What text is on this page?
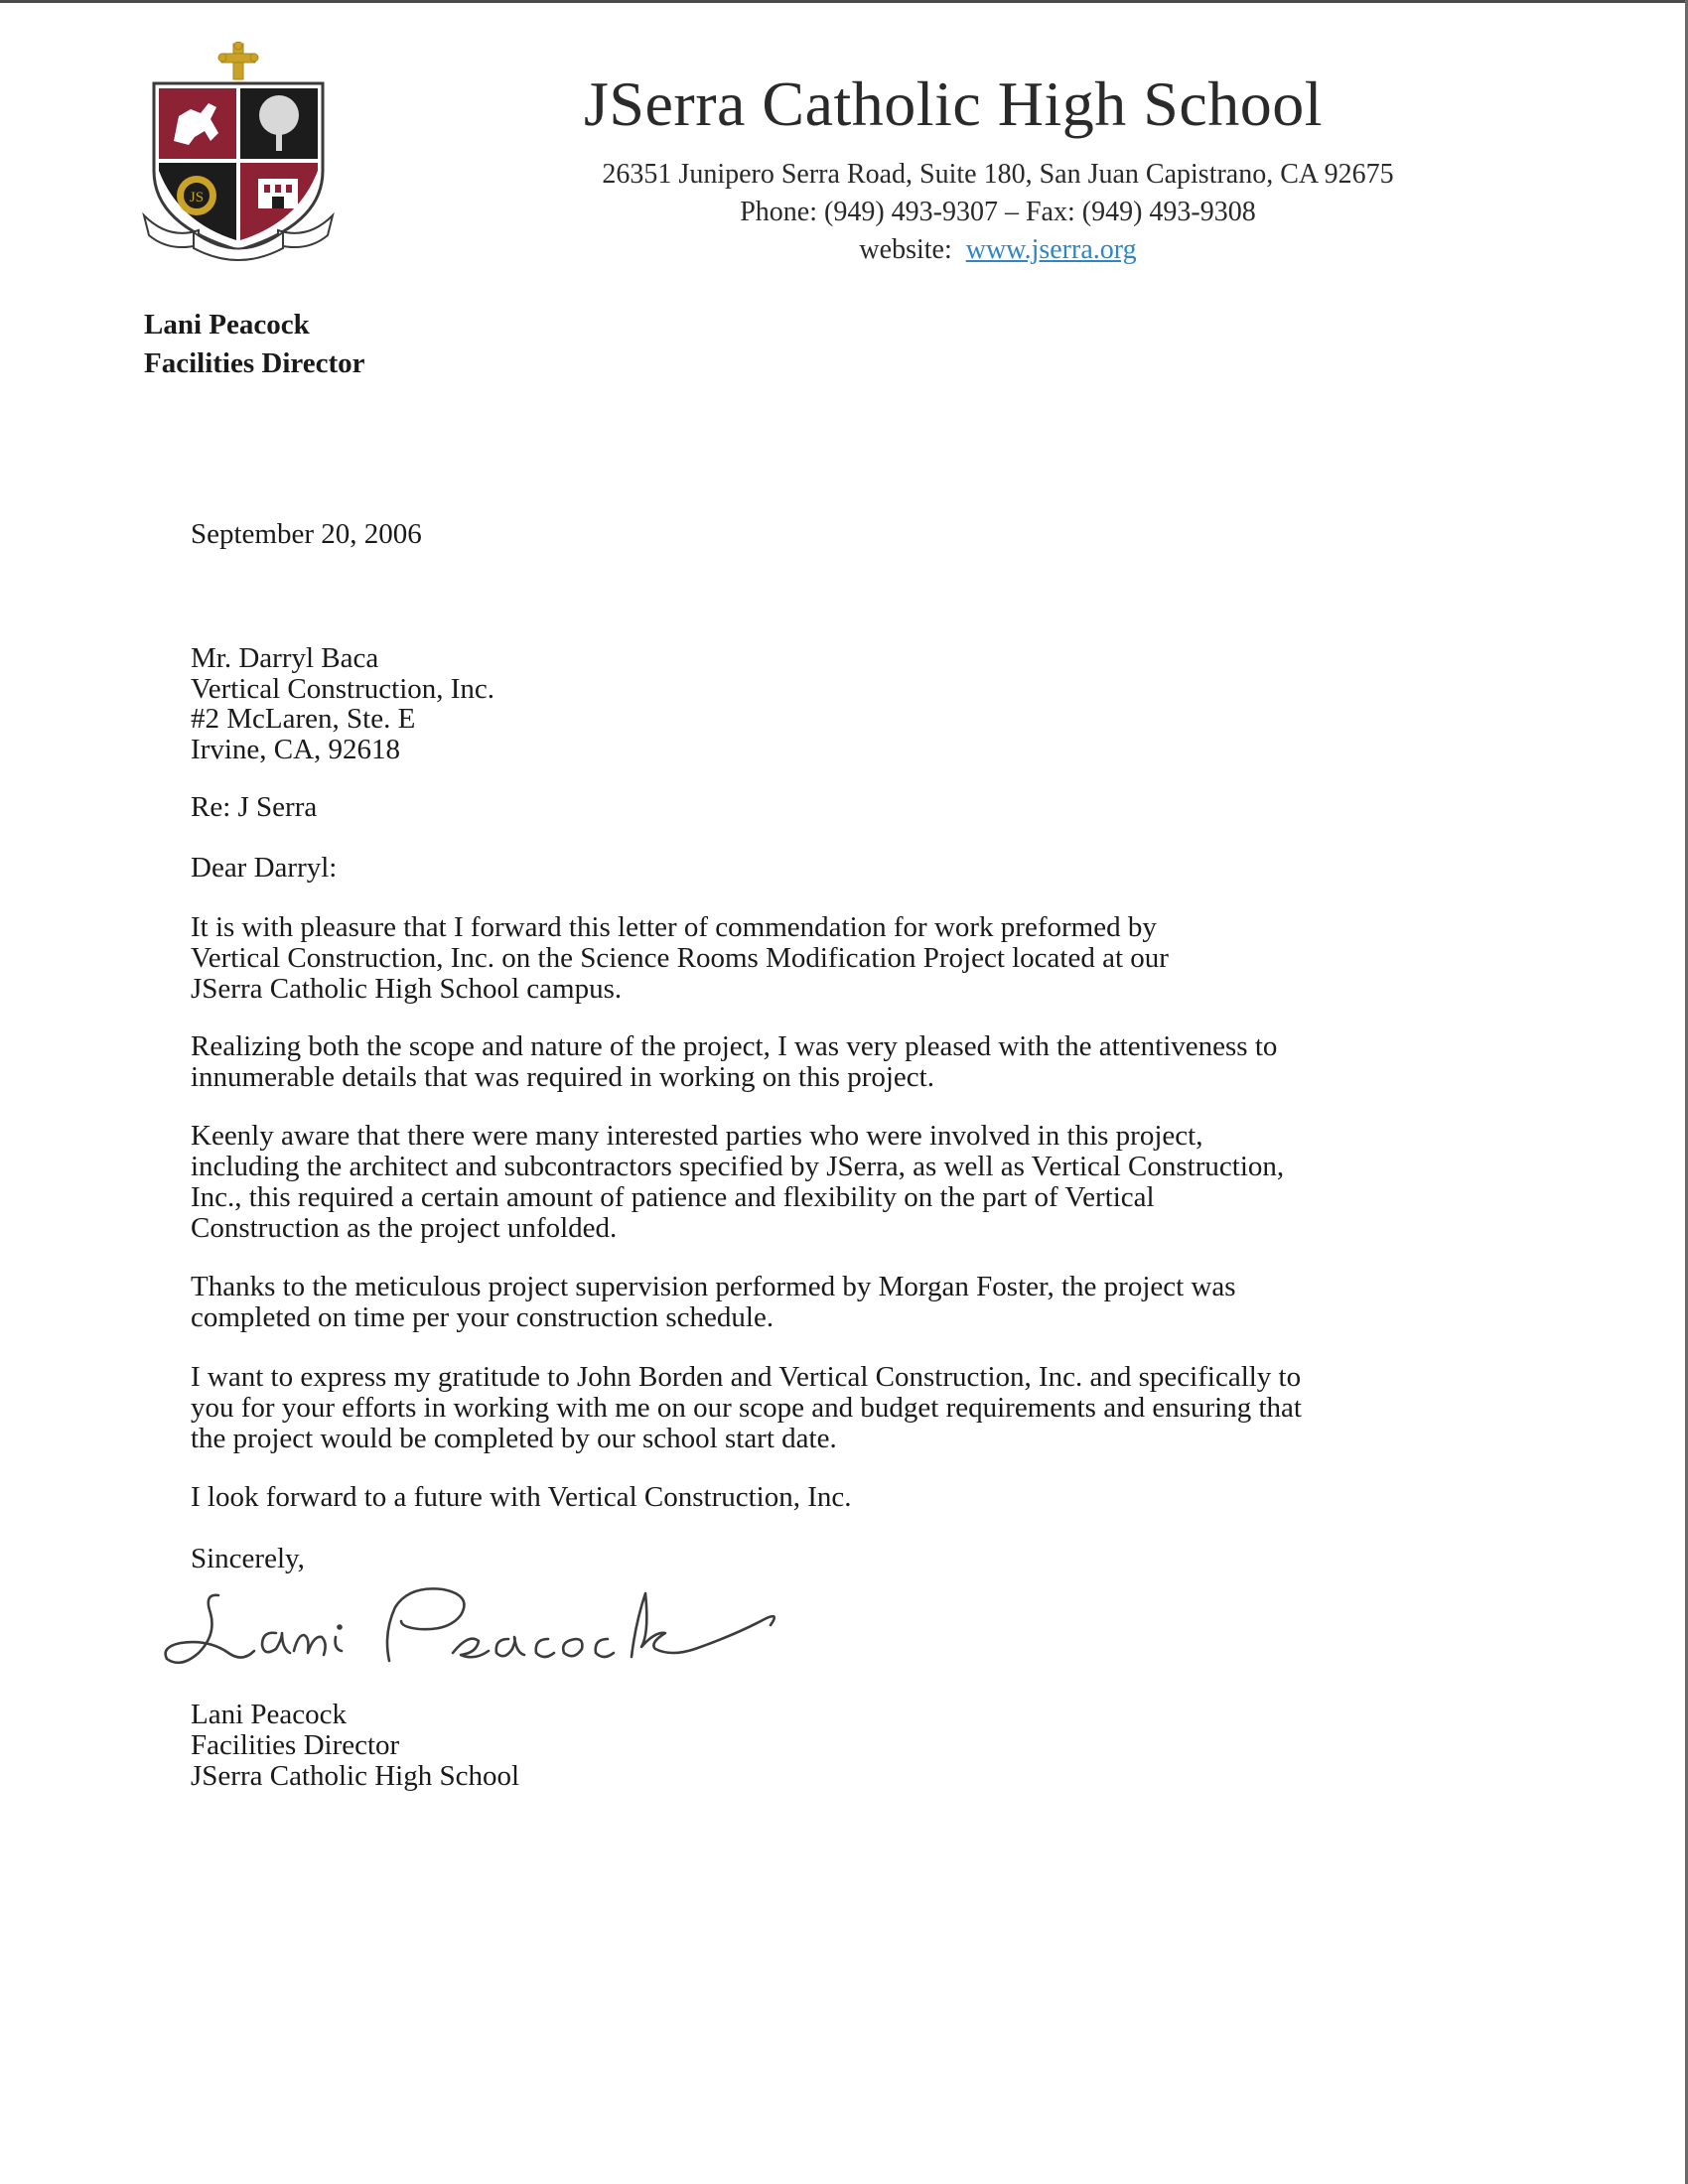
JS
JSerra Catholic High School
26351 Junipero Serra Road, Suite 180, San Juan Capistrano, CA 92675
Phone: (949) 493-9307 – Fax: (949) 493-9308
website: www.jserra.org
Lani Peacock
Facilities Director
September 20, 2006
Mr. Darryl Baca
Vertical Construction, Inc.
#2 McLaren, Ste. E
Irvine, CA, 92618
Re: J Serra
Dear Darryl:
It is with pleasure that I forward this letter of commendation for work preformed by
Vertical Construction, Inc. on the Science Rooms Modification Project located at our
JSerra Catholic High School campus.
Realizing both the scope and nature of the project, I was very pleased with the attentiveness to
innumerable details that was required in working on this project.
Keenly aware that there were many interested parties who were involved in this project,
including the architect and subcontractors specified by JSerra, as well as Vertical Construction,
Inc., this required a certain amount of patience and flexibility on the part of Vertical
Construction as the project unfolded.
Thanks to the meticulous project supervision performed by Morgan Foster, the project was
completed on time per your construction schedule.
I want to express my gratitude to John Borden and Vertical Construction, Inc. and specifically to
you for your efforts in working with me on our scope and budget requirements and ensuring that
the project would be completed by our school start date.
I look forward to a future with Vertical Construction, Inc.
Sincerely,
Lani Peacock
Facilities Director
JSerra Catholic High School
